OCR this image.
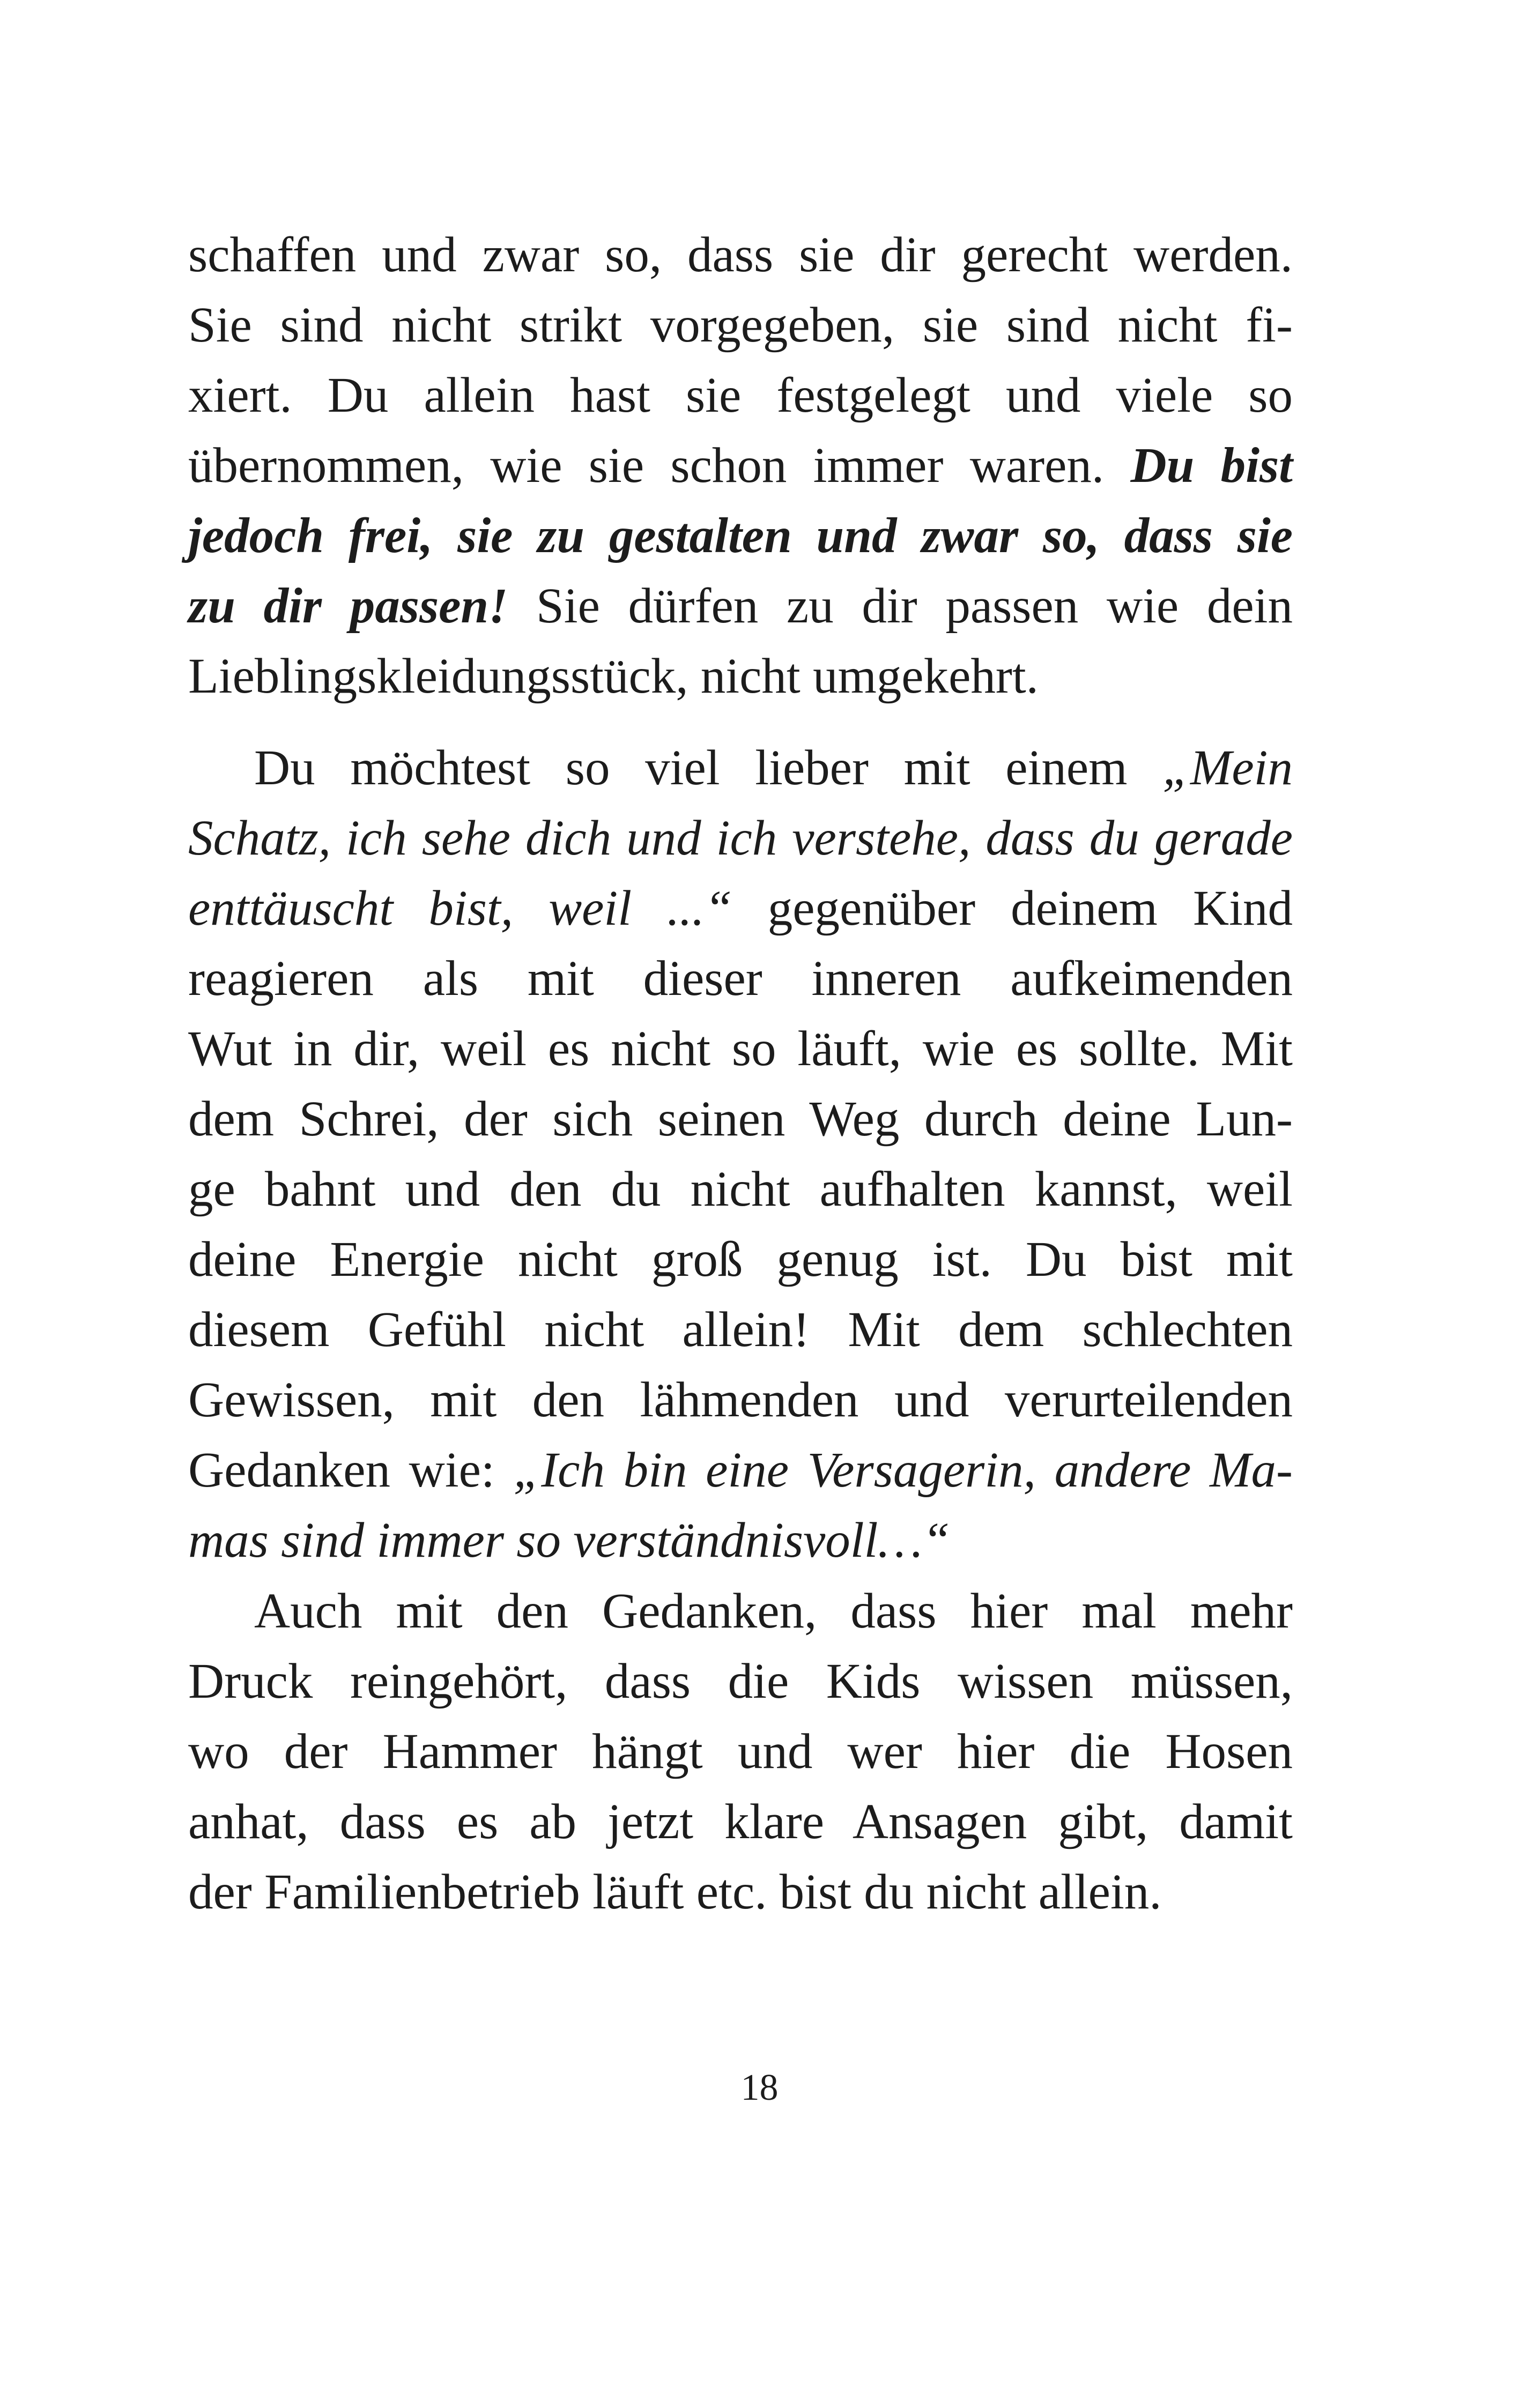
schaffen und zwar so, dass sie dir gerecht werden.
Sie sind nicht strikt vorgegeben, sie sind nicht fi-
xiert. Du allein hast sie festgelegt und viele so
übernommen, wie sie schon immer waren. Du bist
jedoch frei, sie zu gestalten und zwar so, dass sie
zu dir passen! Sie dürfen zu dir passen wie dein
Lieblingskleidungsstück, nicht umgekehrt.
Du möchtest so viel lieber mit einem „Mein
Schatz, ich sehe dich und ich verstehe, dass du gerade
enttäuscht bist, weil ...“ gegenüber deinem Kind
reagieren als mit dieser inneren aufkeimenden
Wut in dir, weil es nicht so läuft, wie es sollte. Mit
dem Schrei, der sich seinen Weg durch deine Lun-
ge bahnt und den du nicht aufhalten kannst, weil
deine Energie nicht groß genug ist. Du bist mit
diesem Gefühl nicht allein! Mit dem schlechten
Gewissen, mit den lähmenden und verurteilenden
Gedanken wie: „Ich bin eine Versagerin, andere Ma-
mas sind immer so verständnisvoll…“
Auch mit den Gedanken, dass hier mal mehr
Druck reingehört, dass die Kids wissen müssen,
wo der Hammer hängt und wer hier die Hosen
anhat, dass es ab jetzt klare Ansagen gibt, damit
der Familienbetrieb läuft etc. bist du nicht allein.
18
